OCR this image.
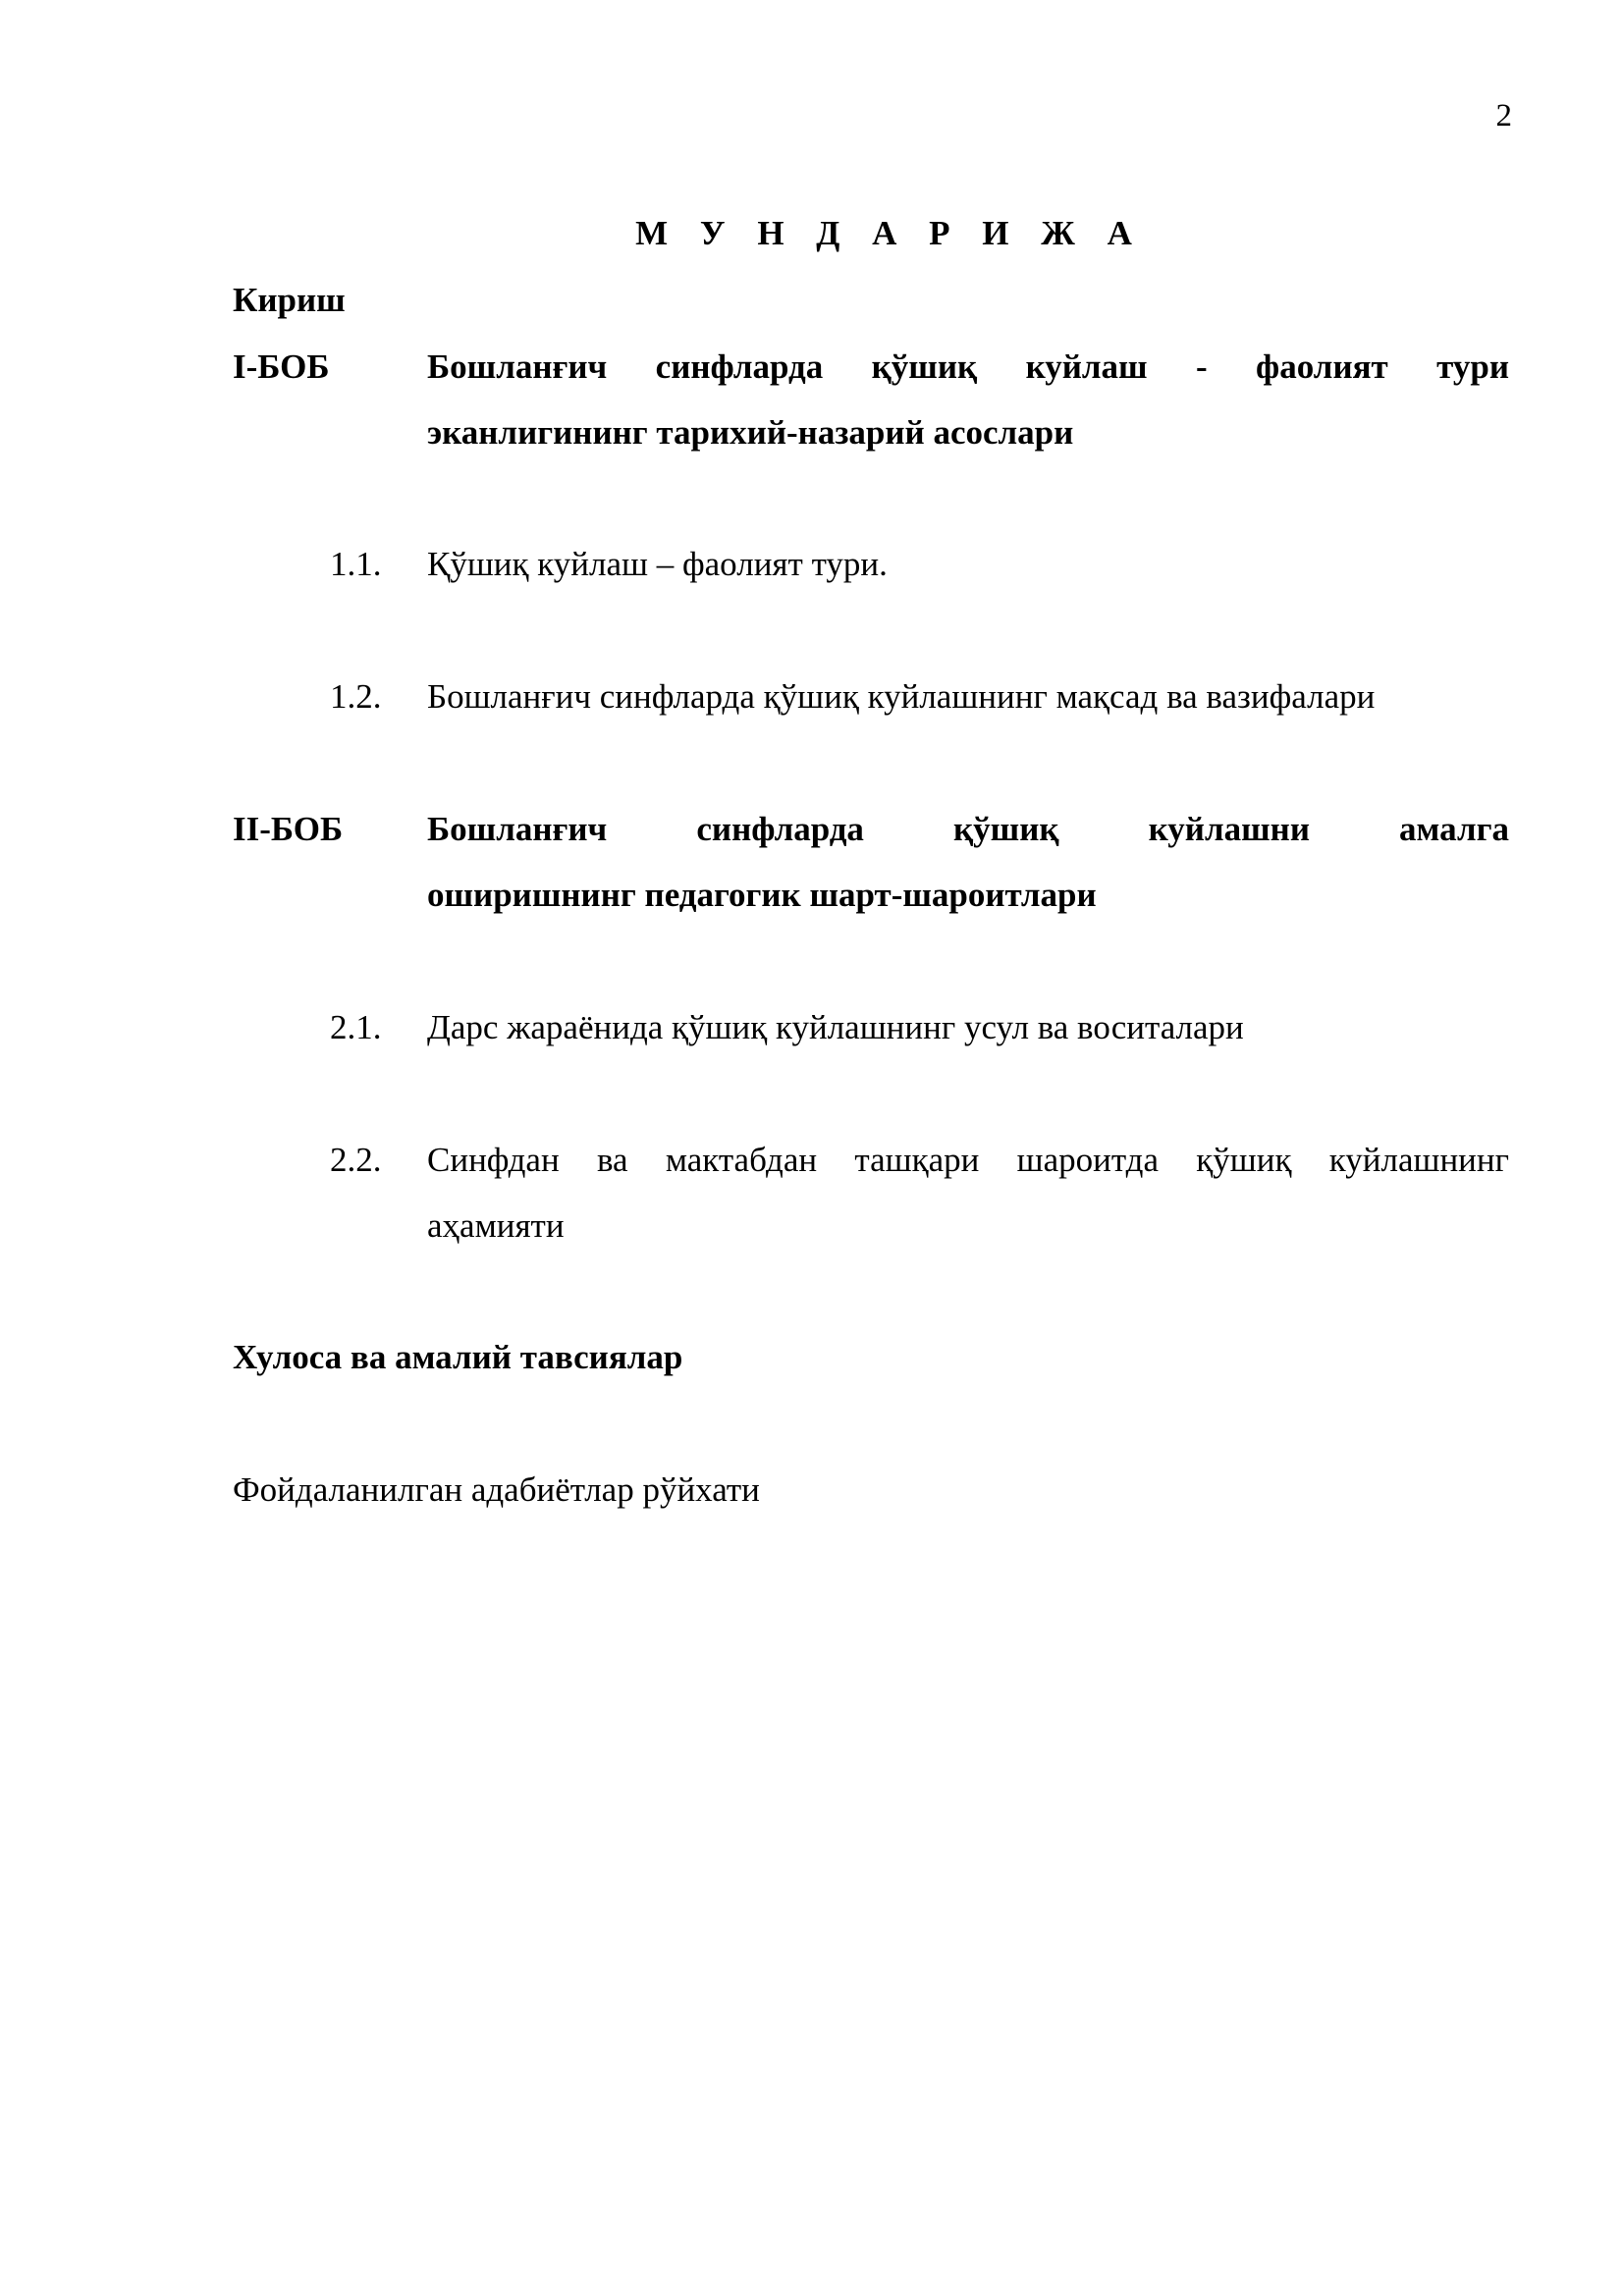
2
М У Н Д А Р И Ж А
Кириш
I-БОБ	Бошланғич синфларда қўшиқ куйлаш - фаолият тури
эканлигининг тарихий-назарий асослари
1.1. Қўшиқ куйлаш – фаолият тури.
1.2. Бошланғич синфларда қўшиқ куйлашнинг мақсад ва вазифалари
II-БОБ Бошланғич синфларда қўшиқ куйлашни амалга
оширишнинг педагогик шарт-шароитлари
2.1. Дарс жараёнида қўшиқ куйлашнинг усул ва воситалари
2.2. Синфдан ва мактабдан ташқари шароитда қўшиқ куйлашнинг
аҳамияти
Хулоса ва амалий тавсиялар
Фойдаланилган адабиётлар рўйхати
